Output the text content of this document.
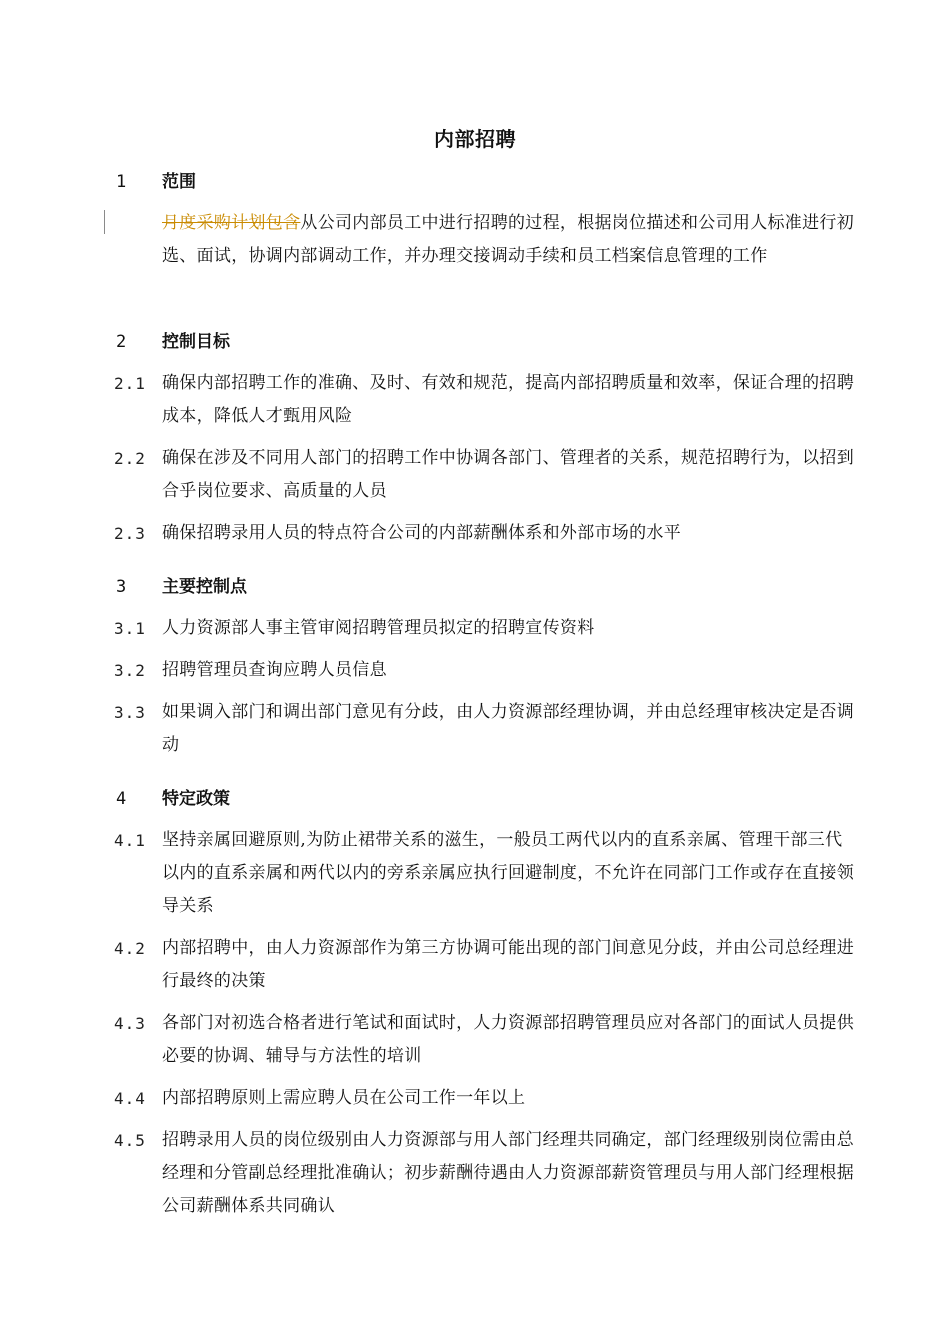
内部招聘
1 范围
月度采购计划包含从公司内部员工中进行招聘的过程，根据岗位描述和公司用人标准进行初选、面试，协调内部调动工作，并办理交接调动手续和员工档案信息管理的工作
2 控制目标
2.1 确保内部招聘工作的准确、及时、有效和规范，提高内部招聘质量和效率，保证合理的招聘成本，降低人才甄用风险
2.2 确保在涉及不同用人部门的招聘工作中协调各部门、管理者的关系，规范招聘行为，以招到合乎岗位要求、高质量的人员
2.3 确保招聘录用人员的特点符合公司的内部薪酬体系和外部市场的水平
3 主要控制点
3.1 人力资源部人事主管审阅招聘管理员拟定的招聘宣传资料
3.2 招聘管理员查询应聘人员信息
3.3 如果调入部门和调出部门意见有分歧，由人力资源部经理协调，并由总经理审核决定是否调动
4 特定政策
4.1 坚持亲属回避原则,为防止裙带关系的滋生，一般员工两代以内的直系亲属、管理干部三代以内的直系亲属和两代以内的旁系亲属应执行回避制度，不允许在同部门工作或存在直接领导关系
4.2 内部招聘中，由人力资源部作为第三方协调可能出现的部门间意见分歧，并由公司总经理进行最终的决策
4.3 各部门对初选合格者进行笔试和面试时，人力资源部招聘管理员应对各部门的面试人员提供必要的协调、辅导与方法性的培训
4.4 内部招聘原则上需应聘人员在公司工作一年以上
4.5 招聘录用人员的岗位级别由人力资源部与用人部门经理共同确定，部门经理级别岗位需由总经理和分管副总经理批准确认；初步薪酬待遇由人力资源部薪资管理员与用人部门经理根据公司薪酬体系共同确认
